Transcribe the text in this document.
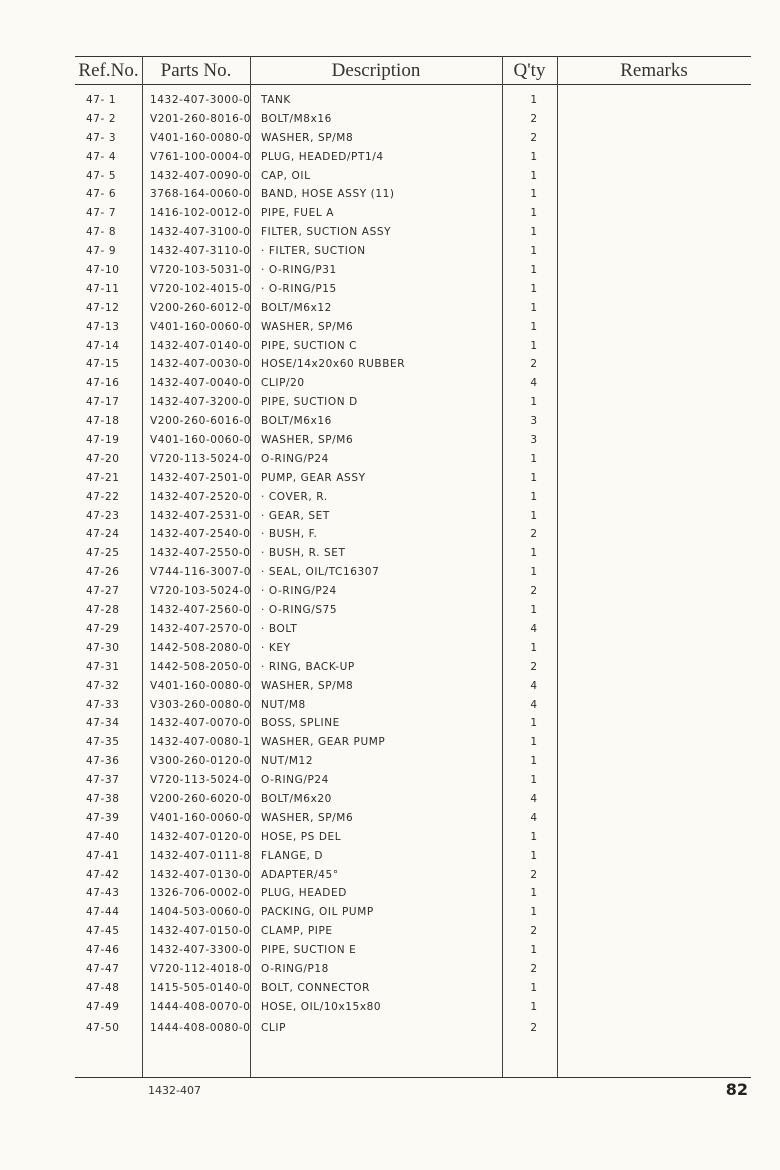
Ref.No.	Parts No.	Description	Q'ty	Remarks
47- 1	1432-407-3000-0 TANK	1
47- 2	V201-260-8016-0 BOLT/M8x16	2
47- 3	V401-160-0080-0 WASHER, SP/M8	2
47- 4	V761-100-0004-0 PLUG, HEADED/PT1/4	1
47- 5	1432-407-0090-0 CAP, OIL	1
47- 6	3768-164-0060-0 BAND, HOSE ASSY (11)	1
47- 7	1416-102-0012-0 PIPE, FUEL A	1
47- 8	1432-407-3100-0 FILTER, SUCTION ASSY	1
47- 9	1432-407-3110-0 · FILTER, SUCTION	1
47-10	V720-103-5031-0 · O-RING/P31	1
47-11	V720-102-4015-0 · O-RING/P15	1
47-12	V200-260-6012-0 BOLT/M6x12	1
47-13	V401-160-0060-0 WASHER, SP/M6	1
47-14	1432-407-0140-0 PIPE, SUCTION C	1
47-15	1432-407-0030-0 HOSE/14x20x60 RUBBER	2
47-16	1432-407-0040-0 CLIP/20	4
47-17	1432-407-3200-0 PIPE, SUCTION D	1
47-18	V200-260-6016-0 BOLT/M6x16	3
47-19	V401-160-0060-0 WASHER, SP/M6	3
47-20	V720-113-5024-0 O-RING/P24	1
47-21	1432-407-2501-0 PUMP, GEAR ASSY	1
47-22	1432-407-2520-0 · COVER, R.	1
47-23	1432-407-2531-0 · GEAR, SET	1
47-24	1432-407-2540-0 · BUSH, F.	2
47-25	1432-407-2550-0 · BUSH, R. SET	1
47-26	V744-116-3007-0 · SEAL, OIL/TC16307	1
47-27	V720-103-5024-0 · O-RING/P24	2
47-28	1432-407-2560-0 · O-RING/S75	1
47-29	1432-407-2570-0 · BOLT	4
47-30	1442-508-2080-0 · KEY	1
47-31	1442-508-2050-0 · RING, BACK-UP	2
47-32	V401-160-0080-0 WASHER, SP/M8	4
47-33	V303-260-0080-0 NUT/M8	4
47-34	1432-407-0070-0 BOSS, SPLINE	1
47-35	1432-407-0080-1 WASHER, GEAR PUMP	1
47-36	V300-260-0120-0 NUT/M12	1
47-37	V720-113-5024-0 O-RING/P24	1
47-38	V200-260-6020-0 BOLT/M6x20	4
47-39	V401-160-0060-0 WASHER, SP/M6	4
47-40	1432-407-0120-0 HOSE, PS DEL	1
47-41	1432-407-0111-8 FLANGE, D	1
47-42	1432-407-0130-0 ADAPTER/45°	2
47-43	1326-706-0002-0 PLUG, HEADED	1
47-44	1404-503-0060-0 PACKING, OIL PUMP	1
47-45	1432-407-0150-0 CLAMP, PIPE	2
47-46	1432-407-3300-0 PIPE, SUCTION E	1
47-47	V720-112-4018-0 O-RING/P18	2
47-48	1415-505-0140-0 BOLT, CONNECTOR	1
47-49	1444-408-0070-0 HOSE, OIL/10x15x80	1
47-50	1444-408-0080-0 CLIP	2
1432-407	82
